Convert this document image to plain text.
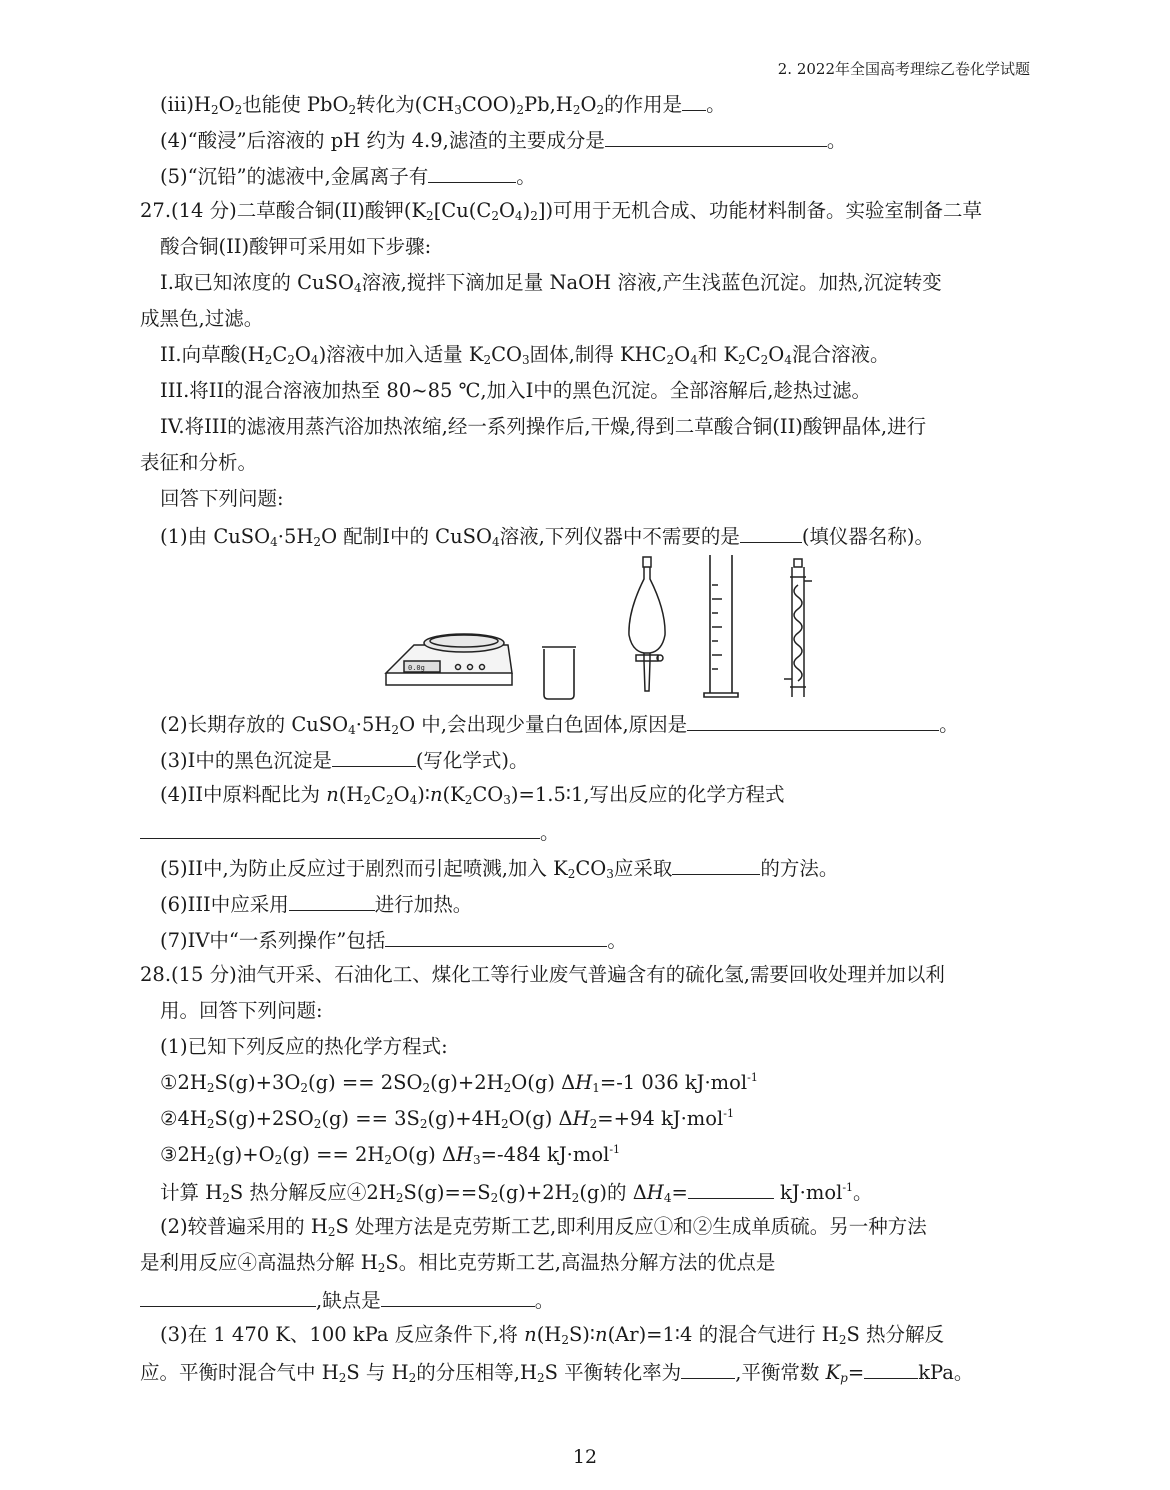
2. 2022年全国高考理综乙卷化学试题
$(iii)H_2O_2$也能使 PbO$_2$转化为$(CH_3COO)_2Pb,H_2O_2$的作用是 。
(4)“酸浸”后溶液的 pH 约为 4.9,滤渣的主要成分是	。
(5)“沉铅”的滤液中,金属离子有	。
27.(14 分)二草酸合铜(II)酸钾$(K_2[Cu(C_2O_4)_2])$可用于无机合成、功能材料制备。实验室制备二草
酸合铜(II)酸钾可采用如下步骤:
I.取已知浓度的 CuSO$_4$溶液,搅拌下滴加足量 NaOH 溶液,产生浅蓝色沉淀。加热,沉淀转变
成黑色,过滤。
II.向草酸$(H_2C_2O_4)$溶液中加入适量 $K_2CO_3$固体,制得 $KHC_2O_4$和 $K_2C_2O_4$混合溶液。
III.将II的混合溶液加热至 80~85 ℃,加入I中的黑色沉淀。全部溶解后,趁热过滤。
IV.将III的滤液用蒸汽浴加热浓缩,经一系列操作后,干燥,得到二草酸合铜(II)酸钾晶体,进行
表征和分析。
回答下列问题:
(1)由 $CuSO_4\cdot 5H_2O$ 配制I中的 CuSO$_4$溶液,下列仪器中不需要的是	(填仪器名称)。
0.0g
(2)长期存放的 $CuSO_4\cdot 5H_2O$ 中,会出现少量白色固体,原因是	。
(3)I中的黑色沉淀是	(写化学式)。
(4)II中原料配比为 $n(H_2C_2O_4)∶n(K_2CO_3)=1.5∶1$,写出反应的化学方程式
。
(5)II中,为防止反应过于剧烈而引起喷溅,加入 $K_2CO_3$应采取	的方法。
(6)III中应采用	进行加热。
(7)IV中“一系列操作”包括	。
28.(15 分)油气开采、石油化工、煤化工等行业废气普遍含有的硫化氢,需要回收处理并加以利
用。回答下列问题:
(1)已知下列反应的热化学方程式:
$①2H_2S(g)+3O_2(g) == 2SO_2(g)+2H_2O(g)$ $\Delta H_1=-1$ 036 kJ·mol$^{-1}$
$②4H_2S(g)+2SO_2(g) == 3S_2(g)+4H_2O(g)$ $\Delta H_2=+94$ kJ·mol$^{-1}$
$③2H_2(g)+O_2(g) == 2H_2O(g)$ $\Delta H_3=-484$ kJ·mol$^{-1}$
计算 $H_2S$ 热分解反应$④2H_2S(g)==S_2(g)+2H_2(g)$的 $\Delta H_4=$	kJ·mol$^{-1}$。
(2)较普遍采用的 $H_2S$ 处理方法是克劳斯工艺,即利用反应①和②生成单质硫。另一种方法
是利用反应④高温热分解 $H_2S$。相比克劳斯工艺,高温热分解方法的优点是
,缺点是	。
(3)在 1 470 K、100 kPa 反应条件下,将 $n(H_2S)∶n(Ar)=1∶4$ 的混合气进行 $H_2S$ 热分解反
应。平衡时混合气中 $H_2S$ 与 $H_2$的分压相等$,H_2S$ 平衡转化率为	,平衡常数 $K_p=$	kPa。
12
